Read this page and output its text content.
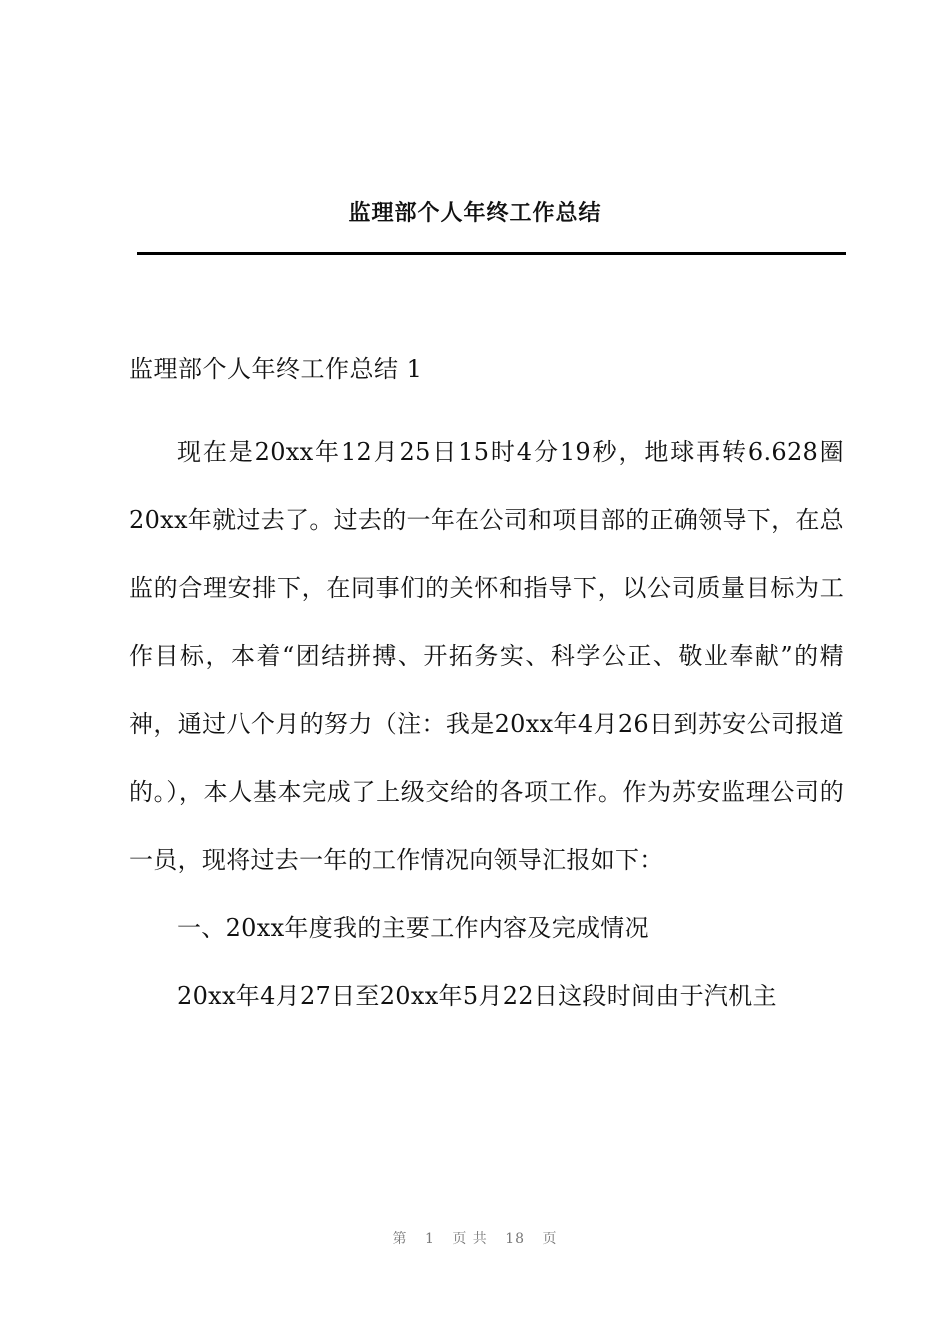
监理部个人年终工作总结

监理部个人年终工作总结 1

现在是20xx年12月25日15时4分19秒，地球再转6.628圈20xx年就过去了。过去的一年在公司和项目部的正确领导下，在总监的合理安排下，在同事们的关怀和指导下，以公司质量目标为工作目标，本着“团结拼搏、开拓务实、科学公正、敬业奉献”的精神，通过八个月的努力（注：我是20xx年4月26日到苏安公司报道的。），本人基本完成了上级交给的各项工作。作为苏安监理公司的一员，现将过去一年的工作情况向领导汇报如下：

一、20xx年度我的主要工作内容及完成情况

20xx年4月27日至20xx年5月22日这段时间由于汽机主

第 1 页 共 18 页
